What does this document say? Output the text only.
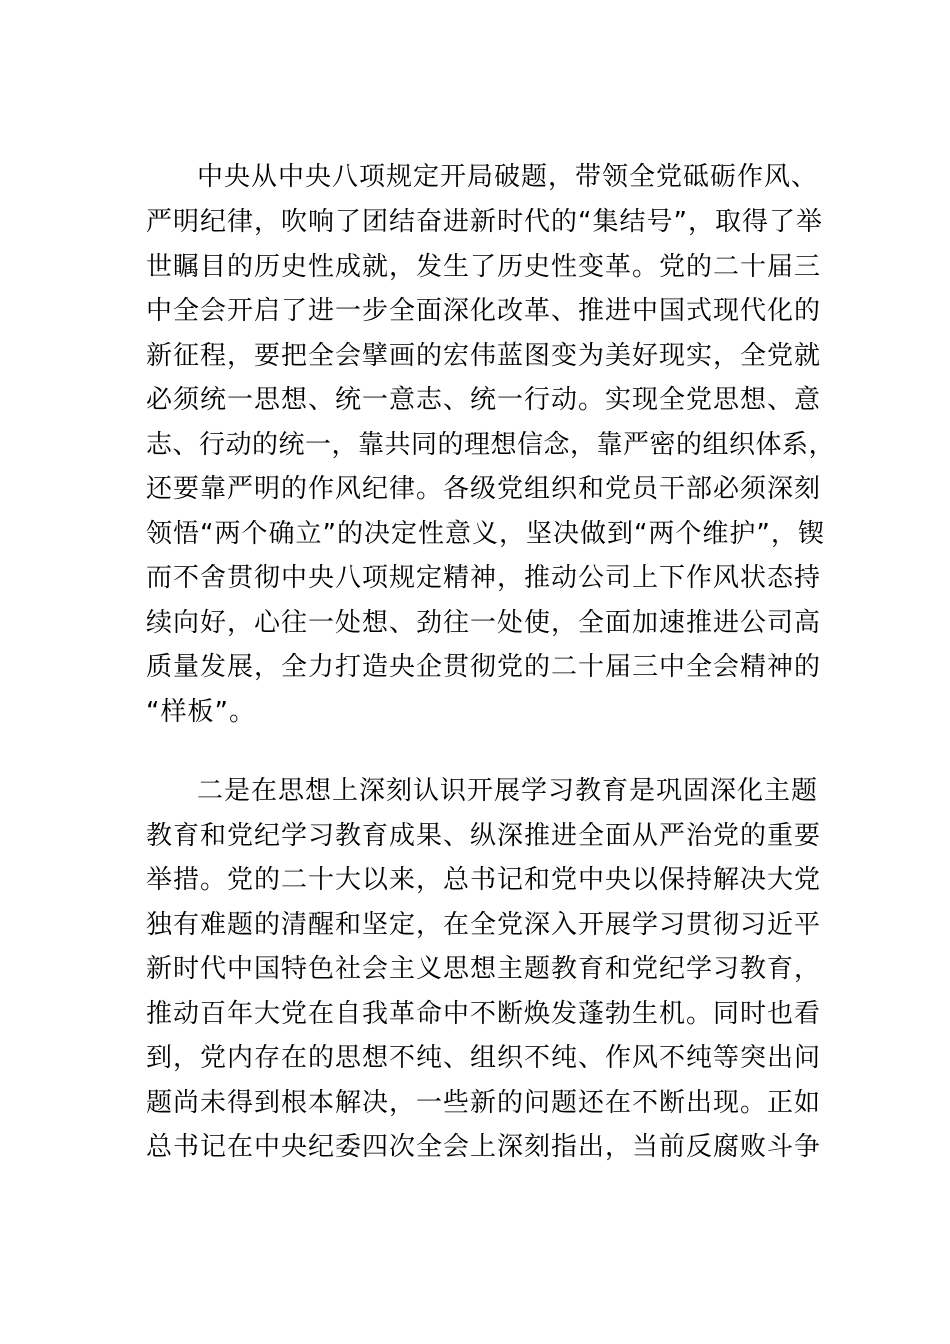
中央从中央八项规定开局破题，带领全党砥砺作风、

严明纪律，吹响了团结奋进新时代的“集结号”，取得了举

世瞩目的历史性成就，发生了历史性变革。党的二十届三

中全会开启了进一步全面深化改革、推进中国式现代化的

新征程，要把全会擘画的宏伟蓝图变为美好现实，全党就

必须统一思想、统一意志、统一行动。实现全党思想、意

志、行动的统一，靠共同的理想信念，靠严密的组织体系，

还要靠严明的作风纪律。各级党组织和党员干部必须深刻

领悟“两个确立”的决定性意义，坚决做到“两个维护”，锲

而不舍贯彻中央八项规定精神，推动公司上下作风状态持

续向好，心往一处想、劲往一处使，全面加速推进公司高

质量发展，全力打造央企贯彻党的二十届三中全会精神的

“样板”。

二是在思想上深刻认识开展学习教育是巩固深化主题

教育和党纪学习教育成果、纵深推进全面从严治党的重要

举措。党的二十大以来，总书记和党中央以保持解决大党

独有难题的清醒和坚定，在全党深入开展学习贯彻习近平

新时代中国特色社会主义思想主题教育和党纪学习教育，

推动百年大党在自我革命中不断焕发蓬勃生机。同时也看

到，党内存在的思想不纯、组织不纯、作风不纯等突出问

题尚未得到根本解决，一些新的问题还在不断出现。正如

总书记在中央纪委四次全会上深刻指出，当前反腐败斗争
